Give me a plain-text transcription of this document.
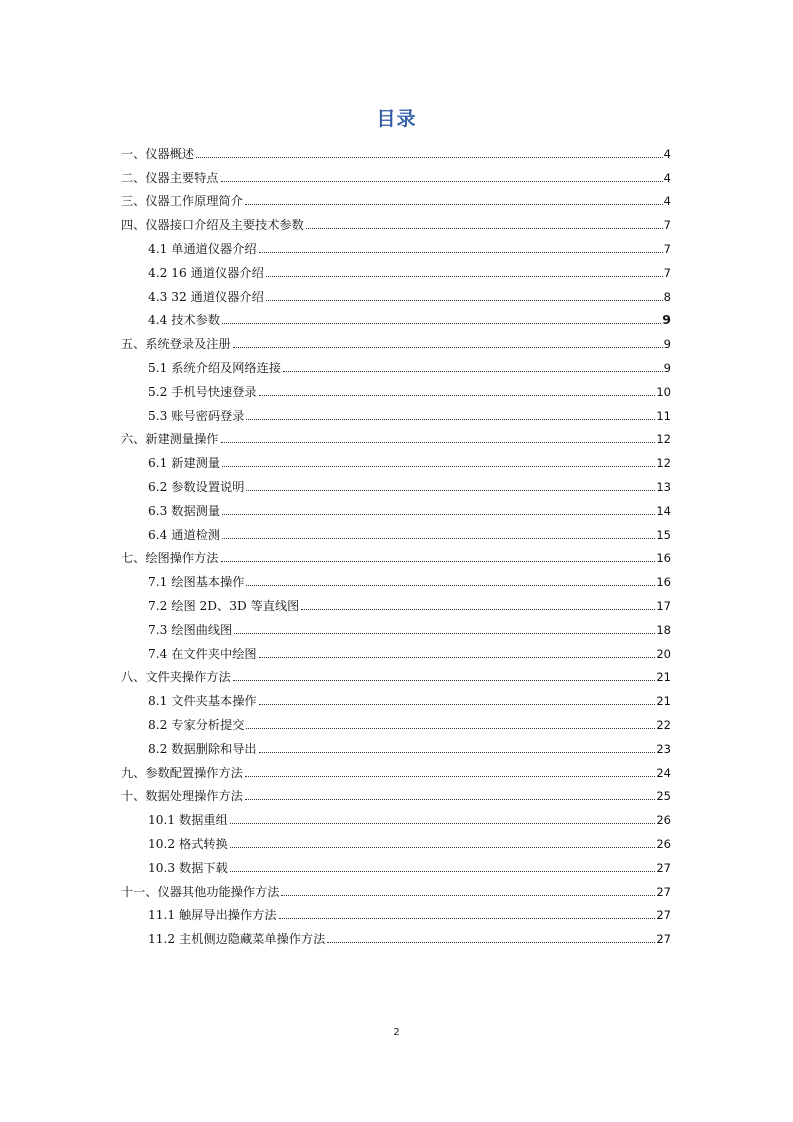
目录
一、仪器概述	4
二、仪器主要特点	4
三、仪器工作原理简介	4
四、仪器接口介绍及主要技术参数	7
4.1 单通道仪器介绍	7
4.2 16 通道仪器介绍	7
4.3 32 通道仪器介绍	8
4.4 技术参数	9
五、系统登录及注册	9
5.1 系统介绍及网络连接	9
5.2 手机号快速登录	10
5.3 账号密码登录	11
六、新建测量操作	12
6.1 新建测量	12
6.2 参数设置说明	13
6.3 数据测量	14
6.4 通道检测	15
七、绘图操作方法	16
7.1 绘图基本操作	16
7.2 绘图 2D、3D 等直线图	17
7.3 绘图曲线图	18
7.4 在文件夹中绘图	20
八、文件夹操作方法	21
8.1 文件夹基本操作	21
8.2 专家分析提交	22
8.2 数据删除和导出	23
九、参数配置操作方法	24
十、数据处理操作方法	25
10.1 数据重组	26
10.2 格式转换	26
10.3 数据下载	27
十一、仪器其他功能操作方法	27
11.1 触屏导出操作方法	27
11.2 主机侧边隐藏菜单操作方法	27
2
